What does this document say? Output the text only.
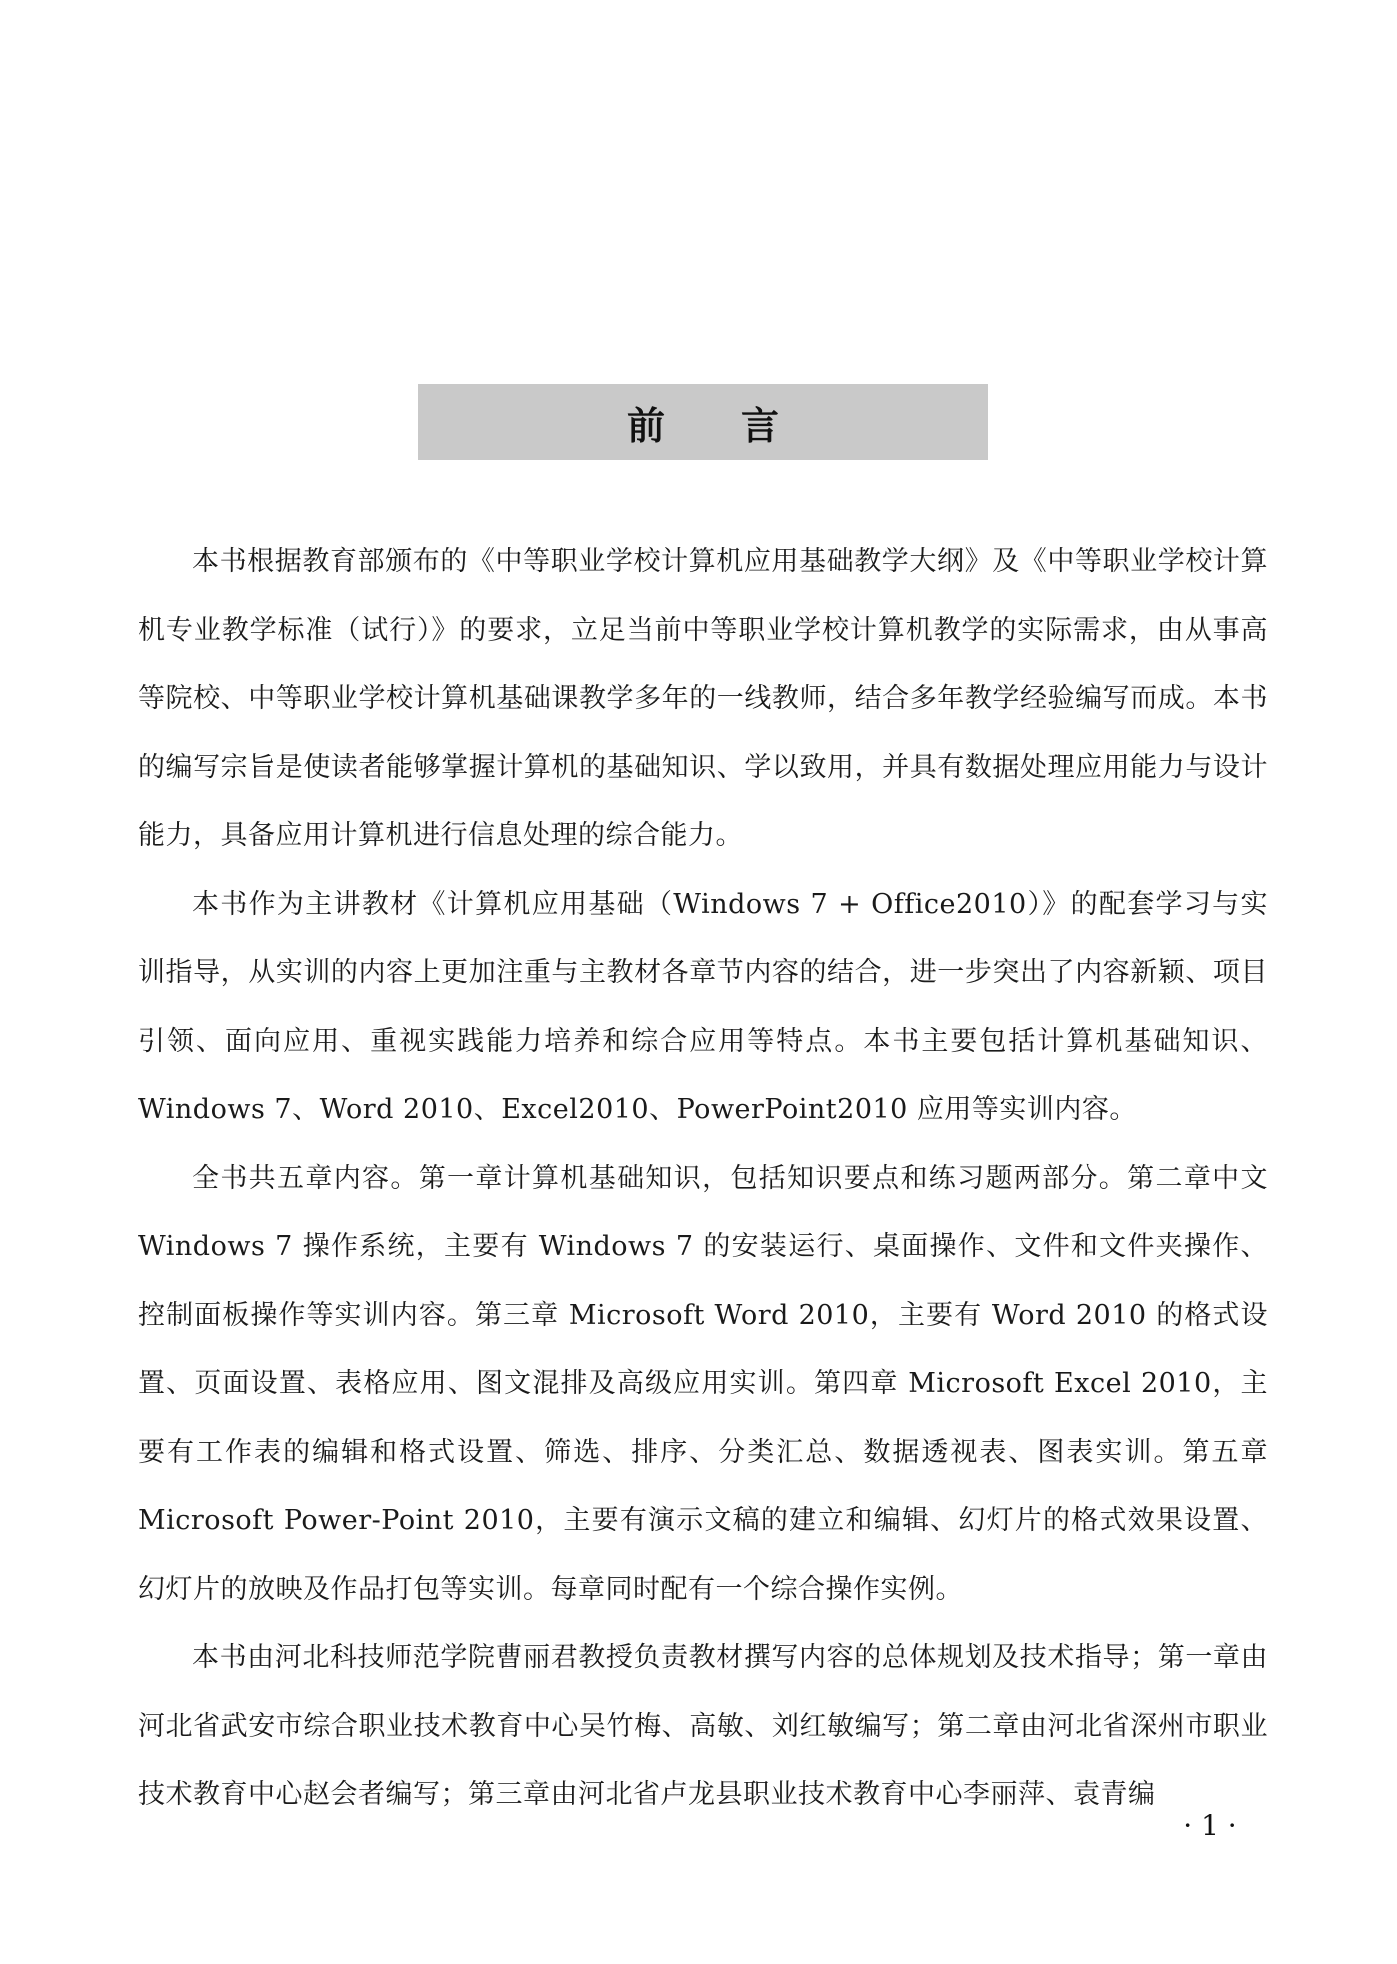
前言

本书根据教育部颁布的《中等职业学校计算机应用基础教学大纲》及《中等职业学校计算机专业教学标准（试行）》的要求，立足当前中等职业学校计算机教学的实际需求，由从事高等院校、中等职业学校计算机基础课教学多年的一线教师，结合多年教学经验编写而成。本书的编写宗旨是使读者能够掌握计算机的基础知识、学以致用，并具有数据处理应用能力与设计能力，具备应用计算机进行信息处理的综合能力。

本书作为主讲教材《计算机应用基础（Windows 7 + Office2010）》的配套学习与实训指导，从实训的内容上更加注重与主教材各章节内容的结合，进一步突出了内容新颖、项目引领、面向应用、重视实践能力培养和综合应用等特点。本书主要包括计算机基础知识、Windows 7、Word 2010、Excel2010、PowerPoint2010 应用等实训内容。

全书共五章内容。第一章计算机基础知识，包括知识要点和练习题两部分。第二章中文 Windows 7 操作系统，主要有 Windows 7 的安装运行、桌面操作、文件和文件夹操作、控制面板操作等实训内容。第三章 Microsoft Word 2010，主要有 Word 2010 的格式设置、页面设置、表格应用、图文混排及高级应用实训。第四章 Microsoft Excel 2010，主要有工作表的编辑和格式设置、筛选、排序、分类汇总、数据透视表、图表实训。第五章 Microsoft Power-Point 2010，主要有演示文稿的建立和编辑、幻灯片的格式效果设置、幻灯片的放映及作品打包等实训。每章同时配有一个综合操作实例。

本书由河北科技师范学院曹丽君教授负责教材撰写内容的总体规划及技术指导；第一章由河北省武安市综合职业技术教育中心吴竹梅、高敏、刘红敏编写；第二章由河北省深州市职业技术教育中心赵会者编写；第三章由河北省卢龙县职业技术教育中心李丽萍、袁青编

· 1 ·
